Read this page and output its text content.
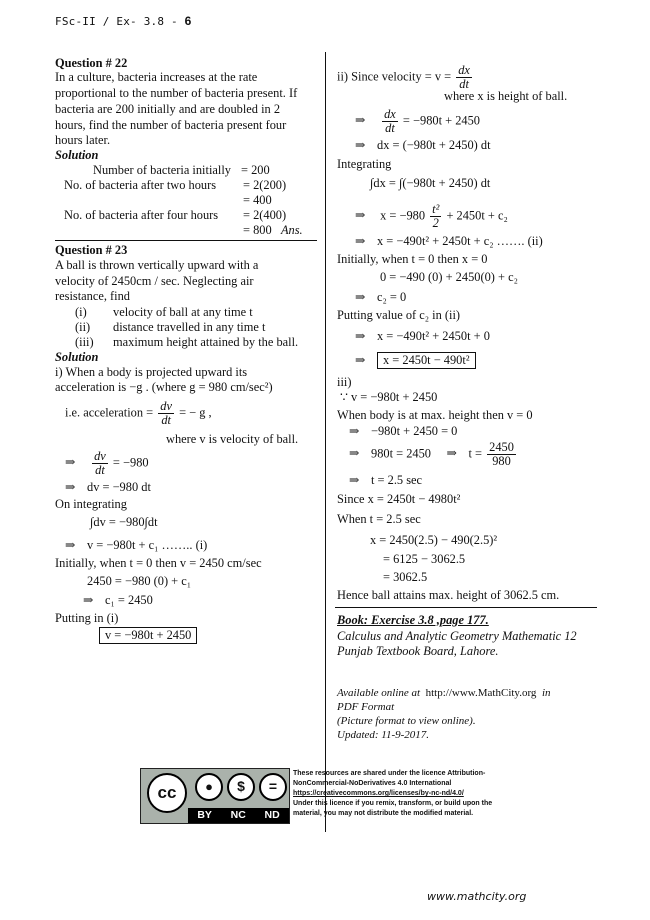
FSc-II / Ex- 3.8 - 6
Question # 22
In a culture, bacteria increases at the rate
proportional to the number of bacteria present. If
bacteria are 200 initially and are doubled in 2
hours, find the number of bacteria present four
hours later.
Solution
Number of bacteria initially = 200
No. of bacteria after two hours = 2(200)
= 400
No. of bacteria after four hours = 2(400)
= 800 Ans.
Question # 23
A ball is thrown vertically upward with a
velocity of 2450cm / sec. Neglecting air
resistance, find
(i) velocity of ball at any time t
(ii) distance travelled in any time t
(iii) maximum height attained by the ball.
Solution
i) When a body is projected upward its
acceleration is −g . (where g = 980 cm/sec²)
i.e. acceleration = $\frac{dv}{dt}$ = − g ,
where v is velocity of ball.
⇒ $\frac{dv}{dt} = -980$
⇒ dv = −980 dt
On integrating
∫dv = −980∫dt
⇒ v = −980t + c₁ …….. (i)
Initially, when t = 0 then v = 2450 cm/sec
2450 = −980 (0) + c₁
⇒ c₁ = 2450
Putting in (i)
v = −980t + 2450
ii) Since velocity = $v = \frac{dx}{dt}$
where x is height of ball.
⇒ $\frac{dx}{dt} = -980t + 2450$
⇒ dx = (−980t + 2450) dt
Integrating
∫dx = ∫(−980t + 2450) dt
⇒ $x = -980 \frac{\text{t²}}{2} + 2450t + c_2$
⇒ x = −490t² + 2450t + c₂ ……. (ii)
Initially, when t = 0 then x = 0
0 = −490 (0) + 2450(0) + c₂
⇒ c₂ = 0
Putting value of c₂ in (ii)
⇒ x = −490t² + 2450t + 0
⇒ x = 2450t − 490t²
iii)
∵ v = −980t + 2450
When body is at max. height then v = 0
⇒ −980t + 2450 = 0
⇒ 980t = 2450 ⇒ $t = \frac{2450}{980}$
⇒ t = 2.5 sec
Since x = 2450t − 4980t²
When t = 2.5 sec
x = 2450(2.5) − 490(2.5)²
= 6125 − 3062.5
= 3062.5
Hence ball attains max. height of 3062.5 cm.
Book: Exercise 3.8 ,page 177.
Calculus and Analytic Geometry Mathematic 12
Punjab Textbook Board, Lahore.
Available online at http://www.MathCity.org in
PDF Format
(Picture format to view online).
Updated: 11-9-2017.
cc	●	$	=
BY NC ND
These resources are shared under the licence Attribution-
NonCommercial-NoDerivatives 4.0 International
https://creativecommons.org/licenses/by-nc-nd/4.0/
Under this licence if you remix, transform, or build upon the
material, you may not distribute the modified material.
www.mathcity.org
